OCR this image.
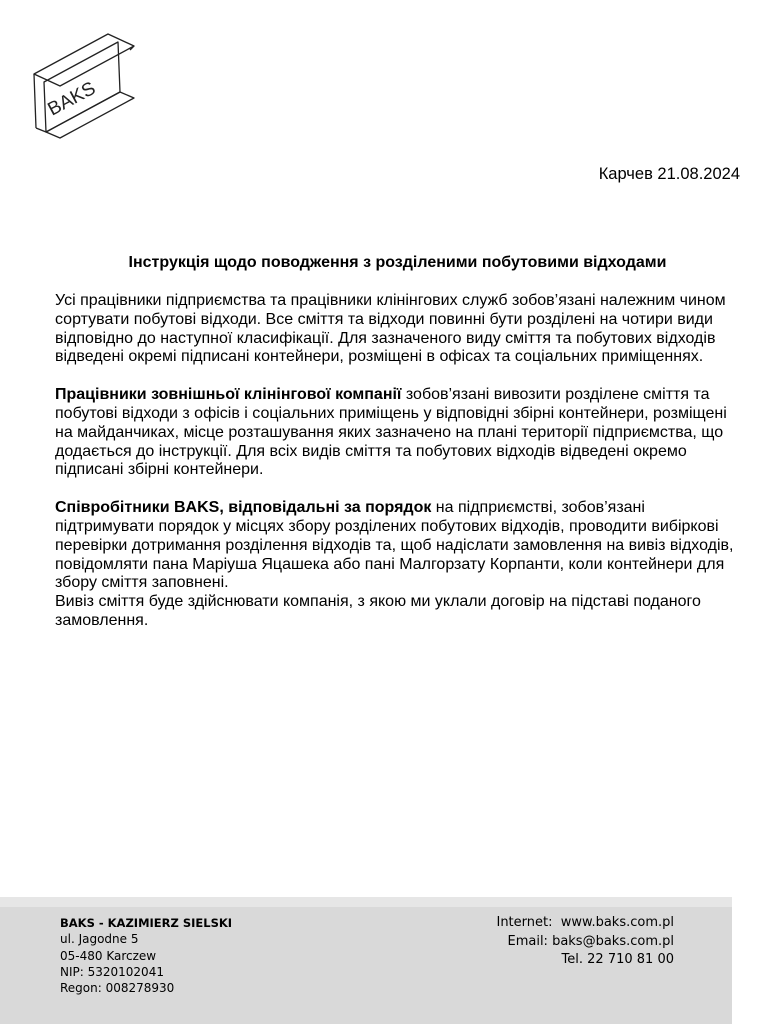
BAKS
Карчев 21.08.2024
Інструкція щодо поводження з розділеними побутовими відходами

Усі працівники підприємства та працівники клінінгових служб зобов’язані належним чином сортувати побутові відходи. Все сміття та відходи повинні бути розділені на чотири види відповідно до наступної класифікації. Для зазначеного виду сміття та побутових відходів відведені окремі підписані контейнери, розміщені в офісах та соціальних приміщеннях.

Працівники зовнішньої клінінгової компанії зобов’язані вивозити розділене сміття та побутові відходи з офісів і соціальних приміщень у відповідні збірні контейнери, розміщені на майданчиках, місце розташування яких зазначено на плані території підприємства, що додається до інструкції. Для всіх видів сміття та побутових відходів відведені окремо підписані збірні контейнери.

Співробітники BAKS, відповідальні за порядок на підприємстві, зобов’язані підтримувати порядок у місцях збору розділених побутових відходів, проводити вибіркові перевірки дотримання розділення відходів та, щоб надіслати замовлення на вивіз відходів, повідомляти пана Маріуша Яцашека або пані Малгорзату Корпанти, коли контейнери для збору сміття заповнені.

Вивіз сміття буде здійснювати компанія, з якою ми уклали договір на підставі поданого замовлення.

BAKS - KAZIMIERZ SIELSKI
ul. Jagodne 5
05-480 Karczew
NIP: 5320102041
Regon: 008278930
Internet:  www.baks.com.pl
Email: baks@baks.com.pl
Tel. 22 710 81 00
